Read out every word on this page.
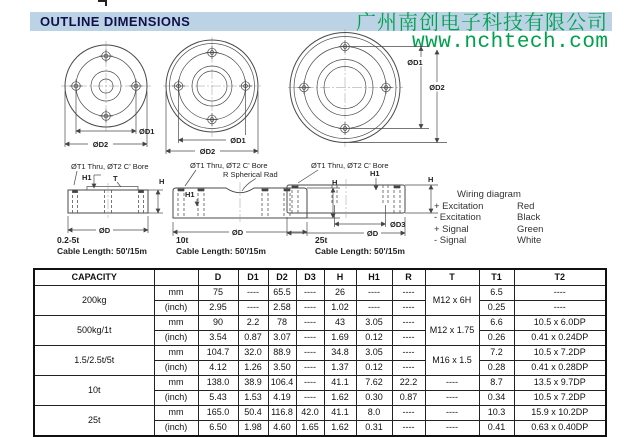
OUTLINE DIMENSIONS	广州南创电子科技有限公司
www.nchtech.com
ØD1
ØD2	ØD1
ØD2
ØD1
ØD2
ØT1 Thru, ØT2 C' Bore
H1	T	H
ØD
0.2-5t
Cable Length: 50'/15m
ØT1 Thru, ØT2 C' Bore
R Spherical Rad
H1
H
ØD
10t
Cable Length: 50'/15m
ØT1 Thru, ØT2 C' Bore
H1
H
ØD3
ØD
25t
Cable Length: 50'/15m
Wiring diagram
+ Excitation	Red
- Excitation	Black
+ Signal	Green
- Signal	White
CAPACITY		D	D1	D2	D3	H	H1	R	T	T1	T2
200kg	mm	75	----	65.5	----	26	----	----	M12 x 6H	6.5	----
	(inch)	2.95	----	2.58	----	1.02	----	----		0.25	----
500kg/1t	mm	90	2.2	78	----	43	3.05	----	M12 x 1.75	6.6	10.5 x 6.0DP
	(inch)	3.54	0.87	3.07	----	1.69	0.12	----		0.26	0.41 x 0.24DP
1.5/2.5t/5t	mm	104.7	32.0	88.9	----	34.8	3.05	----	M16 x 1.5	7.2	10.5 x 7.2DP
	(inch)	4.12	1.26	3.50	----	1.37	0.12	----		0.28	0.41 x 0.28DP
10t	mm	138.0	38.9	106.4	----	41.1	7.62	22.2	----	8.7	13.5 x 9.7DP
	(inch)	5.43	1.53	4.19	----	1.62	0.30	0.87	----	0.34	10.5 x 7.2DP
25t	mm	165.0	50.4	116.8	42.0	41.1	8.0	----	----	10.3	15.9 x 10.2DP
	(inch)	6.50	1.98	4.60	1.65	1.62	0.31	----	----	0.41	0.63 x 0.40DP
